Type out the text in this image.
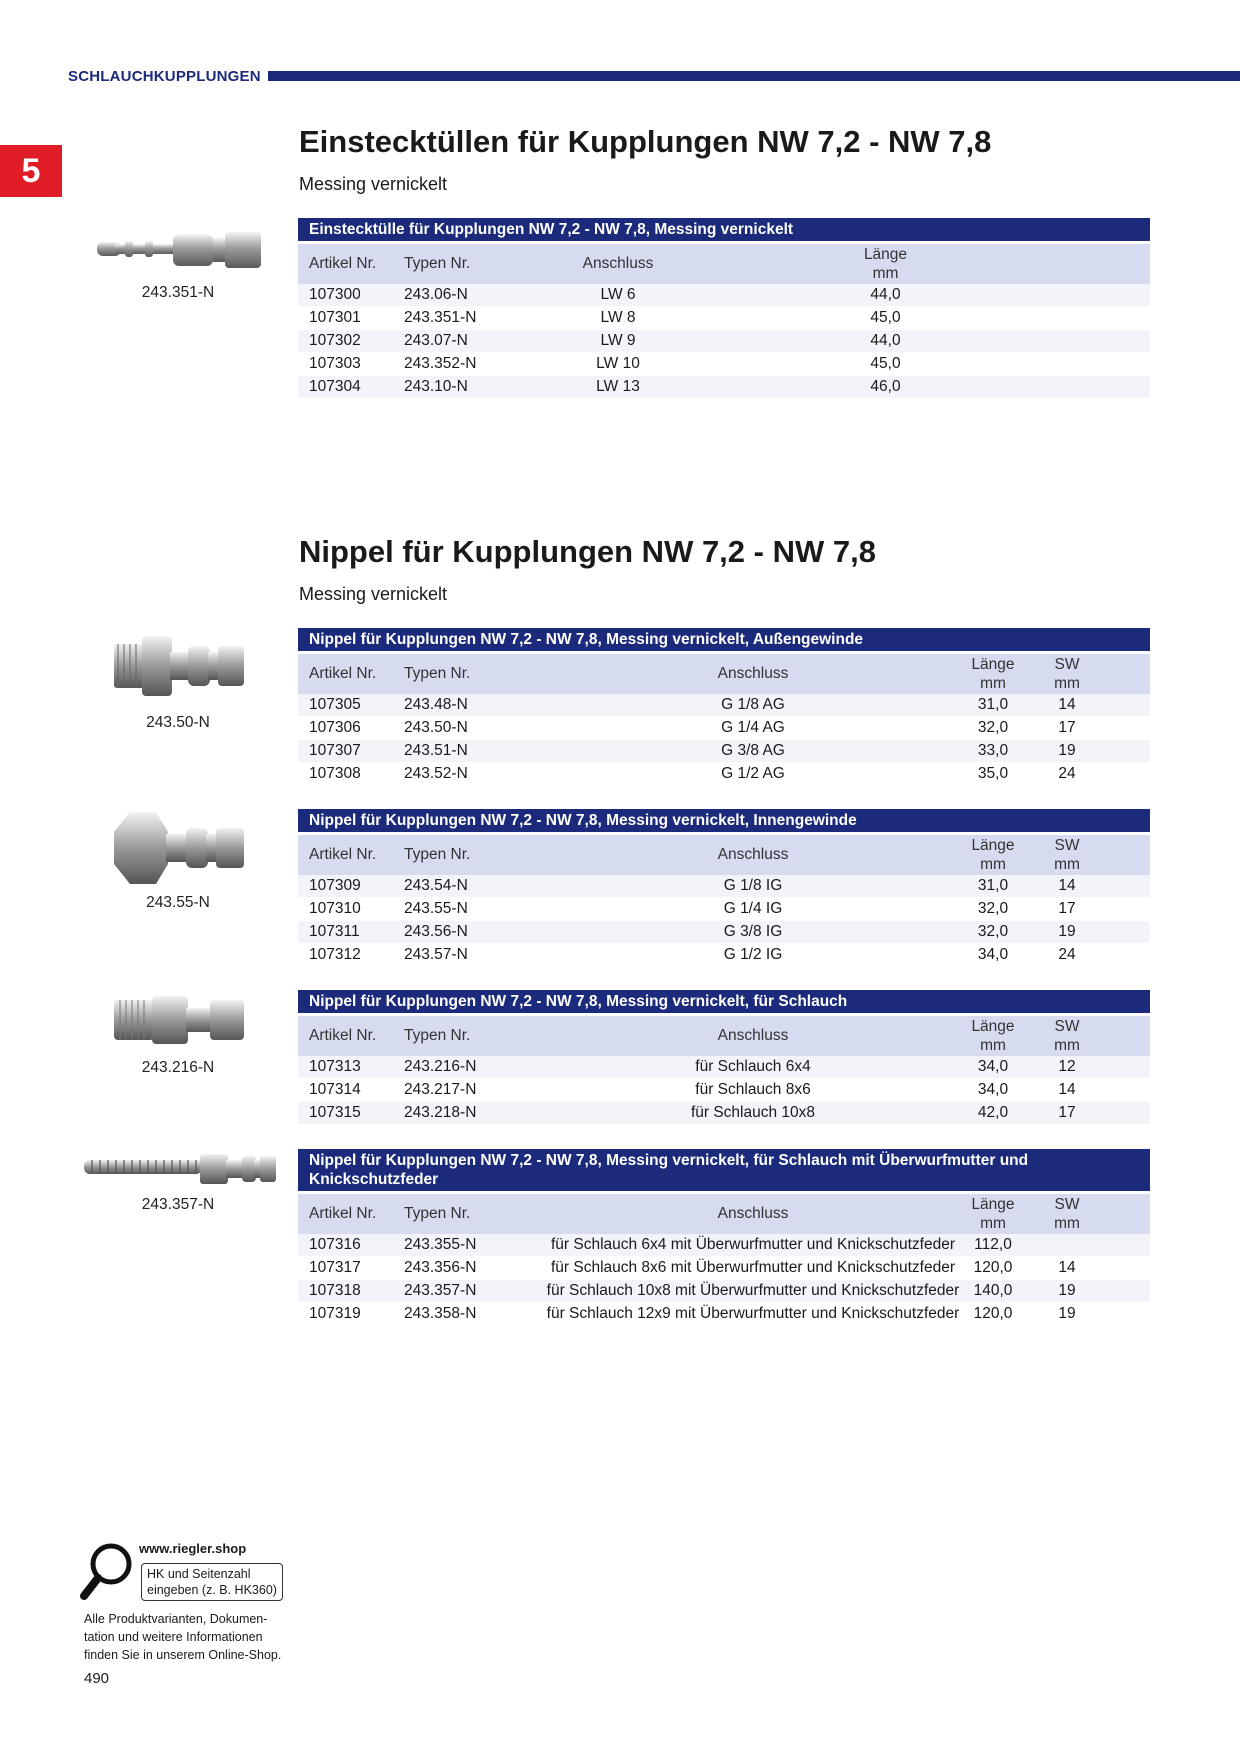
SCHLAUCHKUPPLUNGEN
5
Einstecktüllen für Kupplungen NW 7,2 - NW 7,8
Messing vernickelt
243.351-N
Einstecktülle für Kupplungen NW 7,2 - NW 7,8, Messing vernickelt
Artikel Nr.	Typen Nr.	Anschluss
Länge
mm
107300	243.06-N	LW 6	44,0
107301	243.351-N	LW 8	45,0
107302	243.07-N	LW 9	44,0
107303	243.352-N	LW 10	45,0
107304	243.10-N	LW 13	46,0
Nippel für Kupplungen NW 7,2 - NW 7,8
Messing vernickelt
243.50-N
243.55-N
243.216-N
243.357-N
Nippel für Kupplungen NW 7,2 - NW 7,8, Messing vernickelt, Außengewinde
Artikel Nr.	Typen Nr.	Anschluss
Länge
mm
SW
mm
107305	243.48-N	G 1/8 AG	31,0	14
107306	243.50-N	G 1/4 AG	32,0	17
107307	243.51-N	G 3/8 AG	33,0	19
107308	243.52-N	G 1/2 AG	35,0	24
Nippel für Kupplungen NW 7,2 - NW 7,8, Messing vernickelt, Innengewinde
Artikel Nr.	Typen Nr.	Anschluss
Länge
mm
SW
mm
107309	243.54-N	G 1/8 IG	31,0	14
107310	243.55-N	G 1/4 IG	32,0	17
107311	243.56-N	G 3/8 IG	32,0	19
107312	243.57-N	G 1/2 IG	34,0	24
Nippel für Kupplungen NW 7,2 - NW 7,8, Messing vernickelt, für Schlauch
Artikel Nr.	Typen Nr.	Anschluss
Länge
mm
SW
mm
107313	243.216-N	für Schlauch 6x4	34,0	12
107314	243.217-N	für Schlauch 8x6	34,0	14
107315	243.218-N	für Schlauch 10x8	42,0	17
Nippel für Kupplungen NW 7,2 - NW 7,8, Messing vernickelt, für Schlauch mit Überwurfmutter und Knickschutzfeder
Artikel Nr.	Typen Nr.	Anschluss
Länge
mm
SW
mm
107316	243.355-N	für Schlauch 6x4 mit Überwurfmutter und Knickschutzfeder	112,0
107317	243.356-N	für Schlauch 8x6 mit Überwurfmutter und Knickschutzfeder	120,0	14
107318	243.357-N	für Schlauch 10x8 mit Überwurfmutter und Knickschutzfeder 140,0	19
107319	243.358-N	für Schlauch 12x9 mit Überwurfmutter und Knickschutzfeder 120,0	19
www.riegler.shop
HK und Seitenzahl
eingeben (z. B. HK360)
Alle Produktvarianten, Dokumen-
tation und weitere Informationen
finden Sie in unserem Online-Shop.
490
